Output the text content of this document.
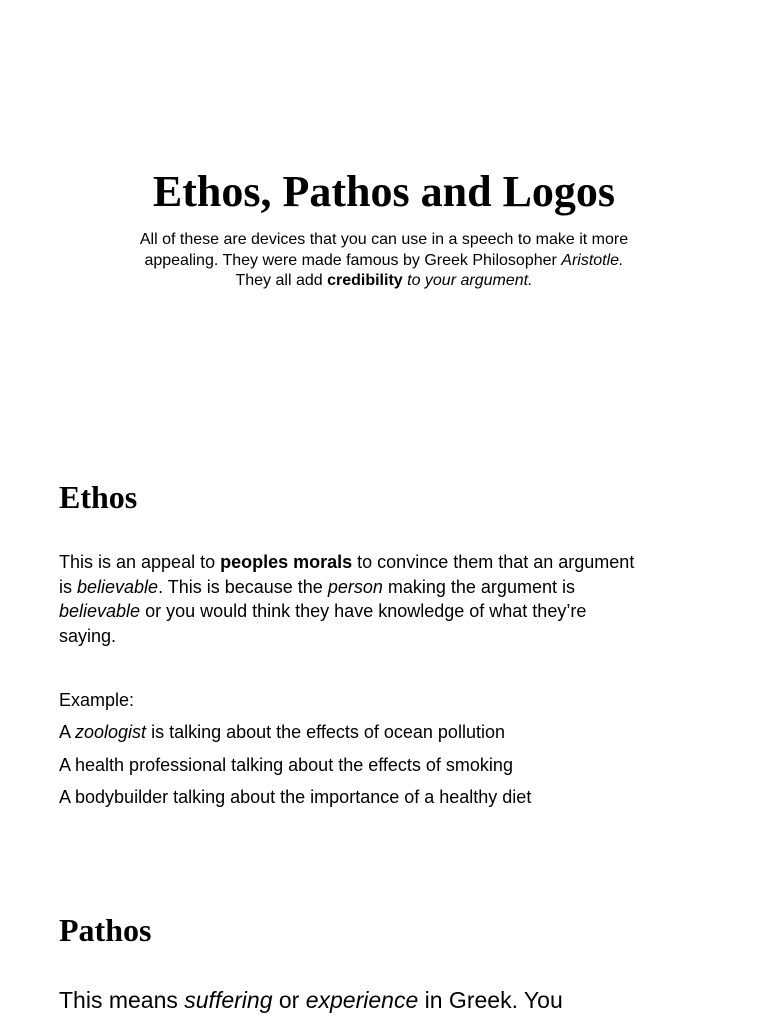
Ethos, Pathos and Logos

All of these are devices that you can use in a speech to make it more
appealing. They were made famous by Greek Philosopher Aristotle.
They all add credibility to your argument.

Ethos

This is an appeal to peoples morals to convince them that an argument
is believable. This is because the person making the argument is
believable or you would think they have knowledge of what they’re
saying.

Example:

A zoologist is talking about the effects of ocean pollution
A health professional talking about the effects of smoking
A bodybuilder talking about the importance of a healthy diet
Pathos

This means suffering or experience in Greek. You
